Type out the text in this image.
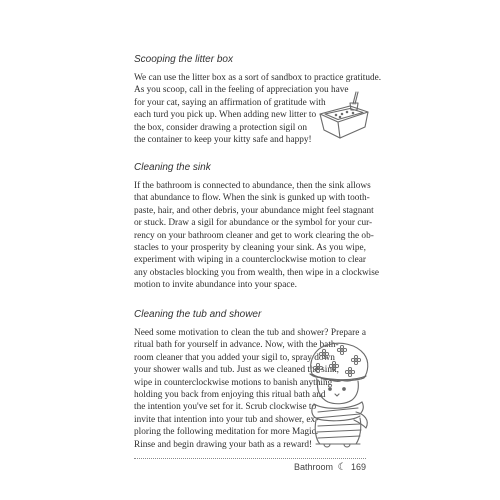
Scooping the litter box
We can use the litter box as a sort of sandbox to practice gratitude.
As you scoop, call in the feeling of appreciation you have
for your cat, saying an affirmation of gratitude with
each turd you pick up. When adding new litter to
the box, consider drawing a protection sigil on
the container to keep your kitty safe and happy!
Cleaning the sink
If the bathroom is connected to abundance, then the sink allows
that abundance to flow. When the sink is gunked up with tooth-
paste, hair, and other debris, your abundance might feel stagnant
or stuck. Draw a sigil for abundance or the symbol for your cur-
rency on your bathroom cleaner and get to work clearing the ob-
stacles to your prosperity by cleaning your sink. As you wipe,
experiment with wiping in a counterclockwise motion to clear
any obstacles blocking you from wealth, then wipe in a clockwise
motion to invite abundance into your space.
Cleaning the tub and shower
Need some motivation to clean the tub and shower? Prepare a
ritual bath for yourself in advance. Now, with the bath-
room cleaner that you added your sigil to, spray down
your shower walls and tub. Just as we cleaned the sink,
wipe in counterclockwise motions to banish anything
holding you back from enjoying this ritual bath and
the intention you've set for it. Scrub clockwise to
invite that intention into your tub and shower, ex-
ploring the following meditation for more Magic.
Rinse and begin drawing your bath as a reward!
Bathroom ☾ 169
